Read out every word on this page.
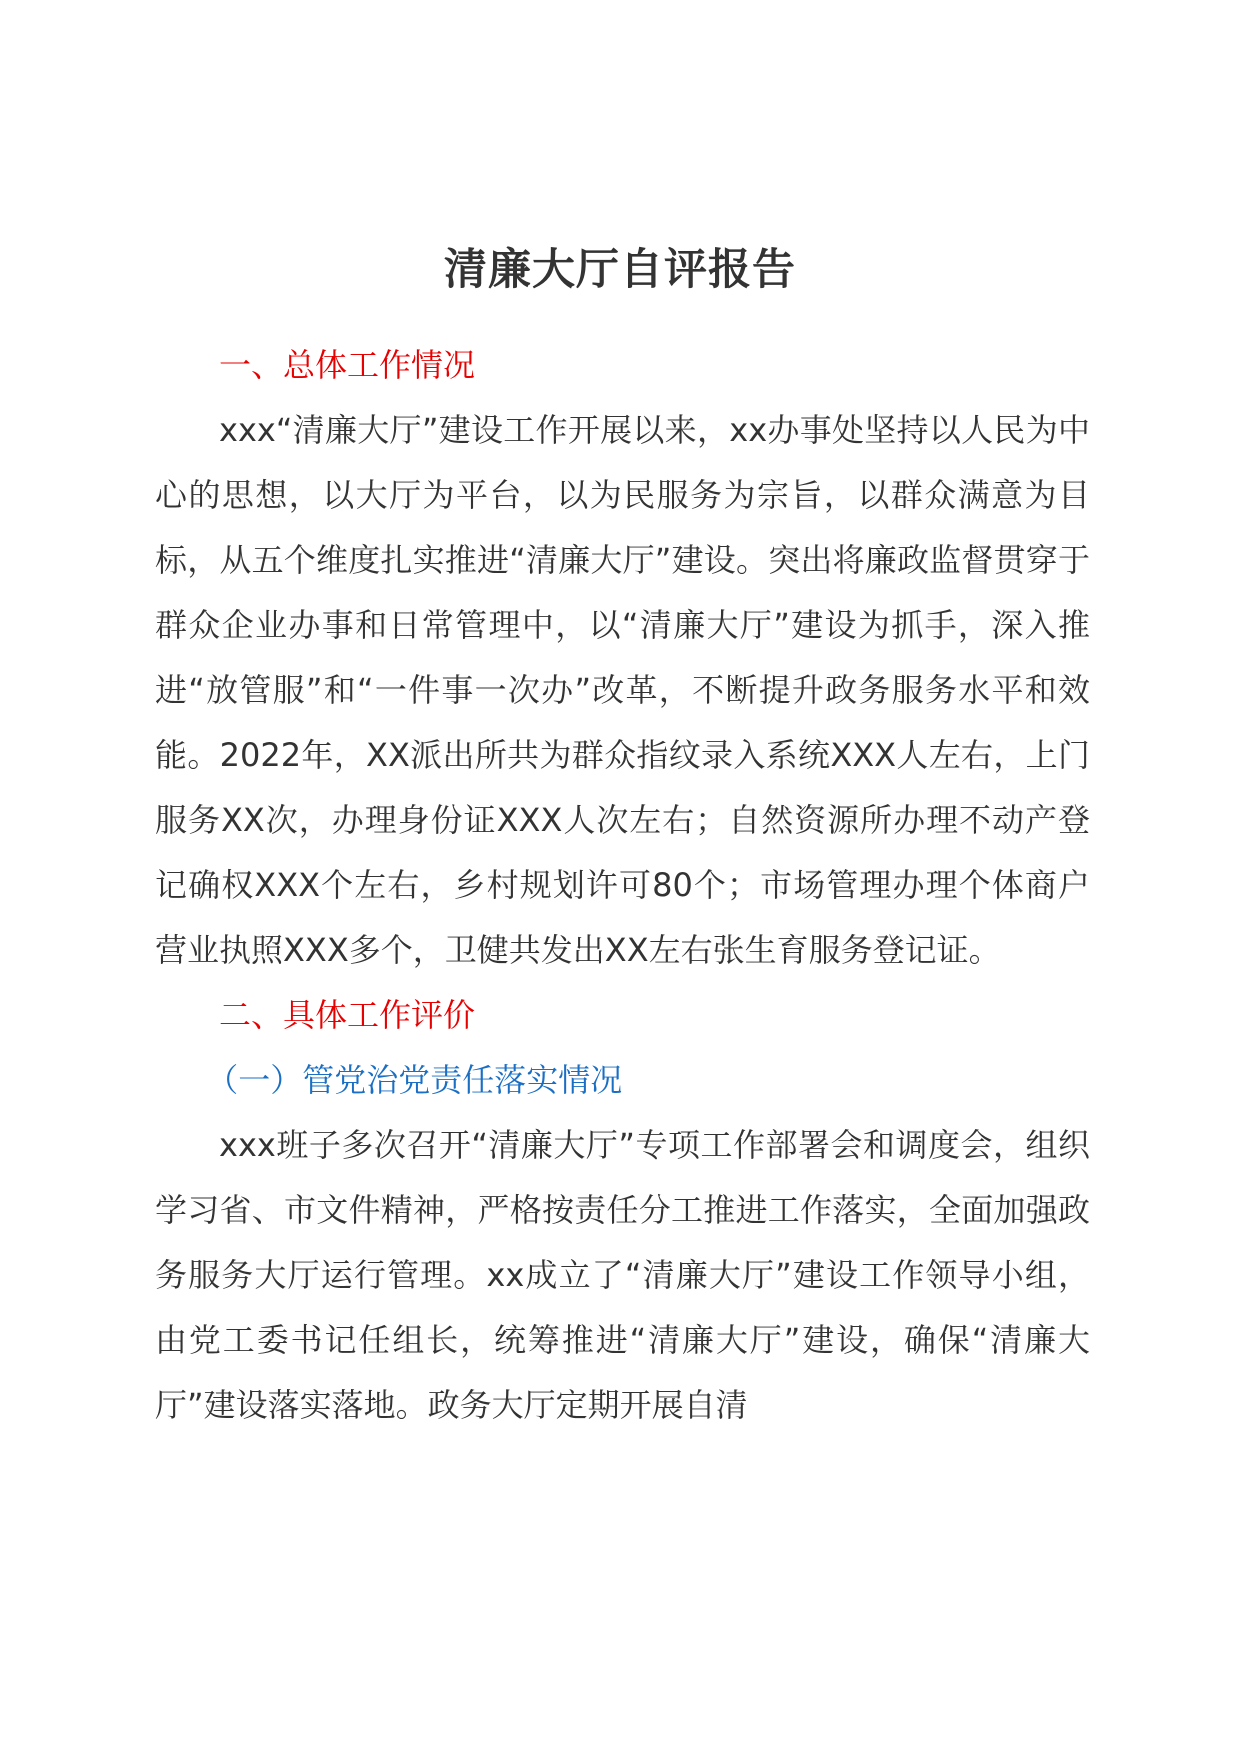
清廉大厅自评报告

一、总体工作情况

xxx“清廉大厅”建设工作开展以来，xx办事处坚持以人民为中心的思想，以大厅为平台，以为民服务为宗旨，以群众满意为目标，从五个维度扎实推进“清廉大厅”建设。突出将廉政监督贯穿于群众企业办事和日常管理中，以“清廉大厅”建设为抓手，深入推进“放管服”和“一件事一次办”改革，不断提升政务服务水平和效能。2022年，XX派出所共为群众指纹录入系统XXX人左右，上门服务XX次，办理身份证XXX人次左右；自然资源所办理不动产登记确权XXX个左右，乡村规划许可80个；市场管理办理个体商户营业执照XXX多个，卫健共发出XX左右张生育服务登记证。

二、具体工作评价

（一）管党治党责任落实情况

xxx班子多次召开“清廉大厅”专项工作部署会和调度会，组织学习省、市文件精神，严格按责任分工推进工作落实，全面加强政务服务大厅运行管理。xx成立了“清廉大厅”建设工作领导小组，由党工委书记任组长，统筹推进“清廉大厅”建设，确保“清廉大厅”建设落实落地。政务大厅定期开展自清
